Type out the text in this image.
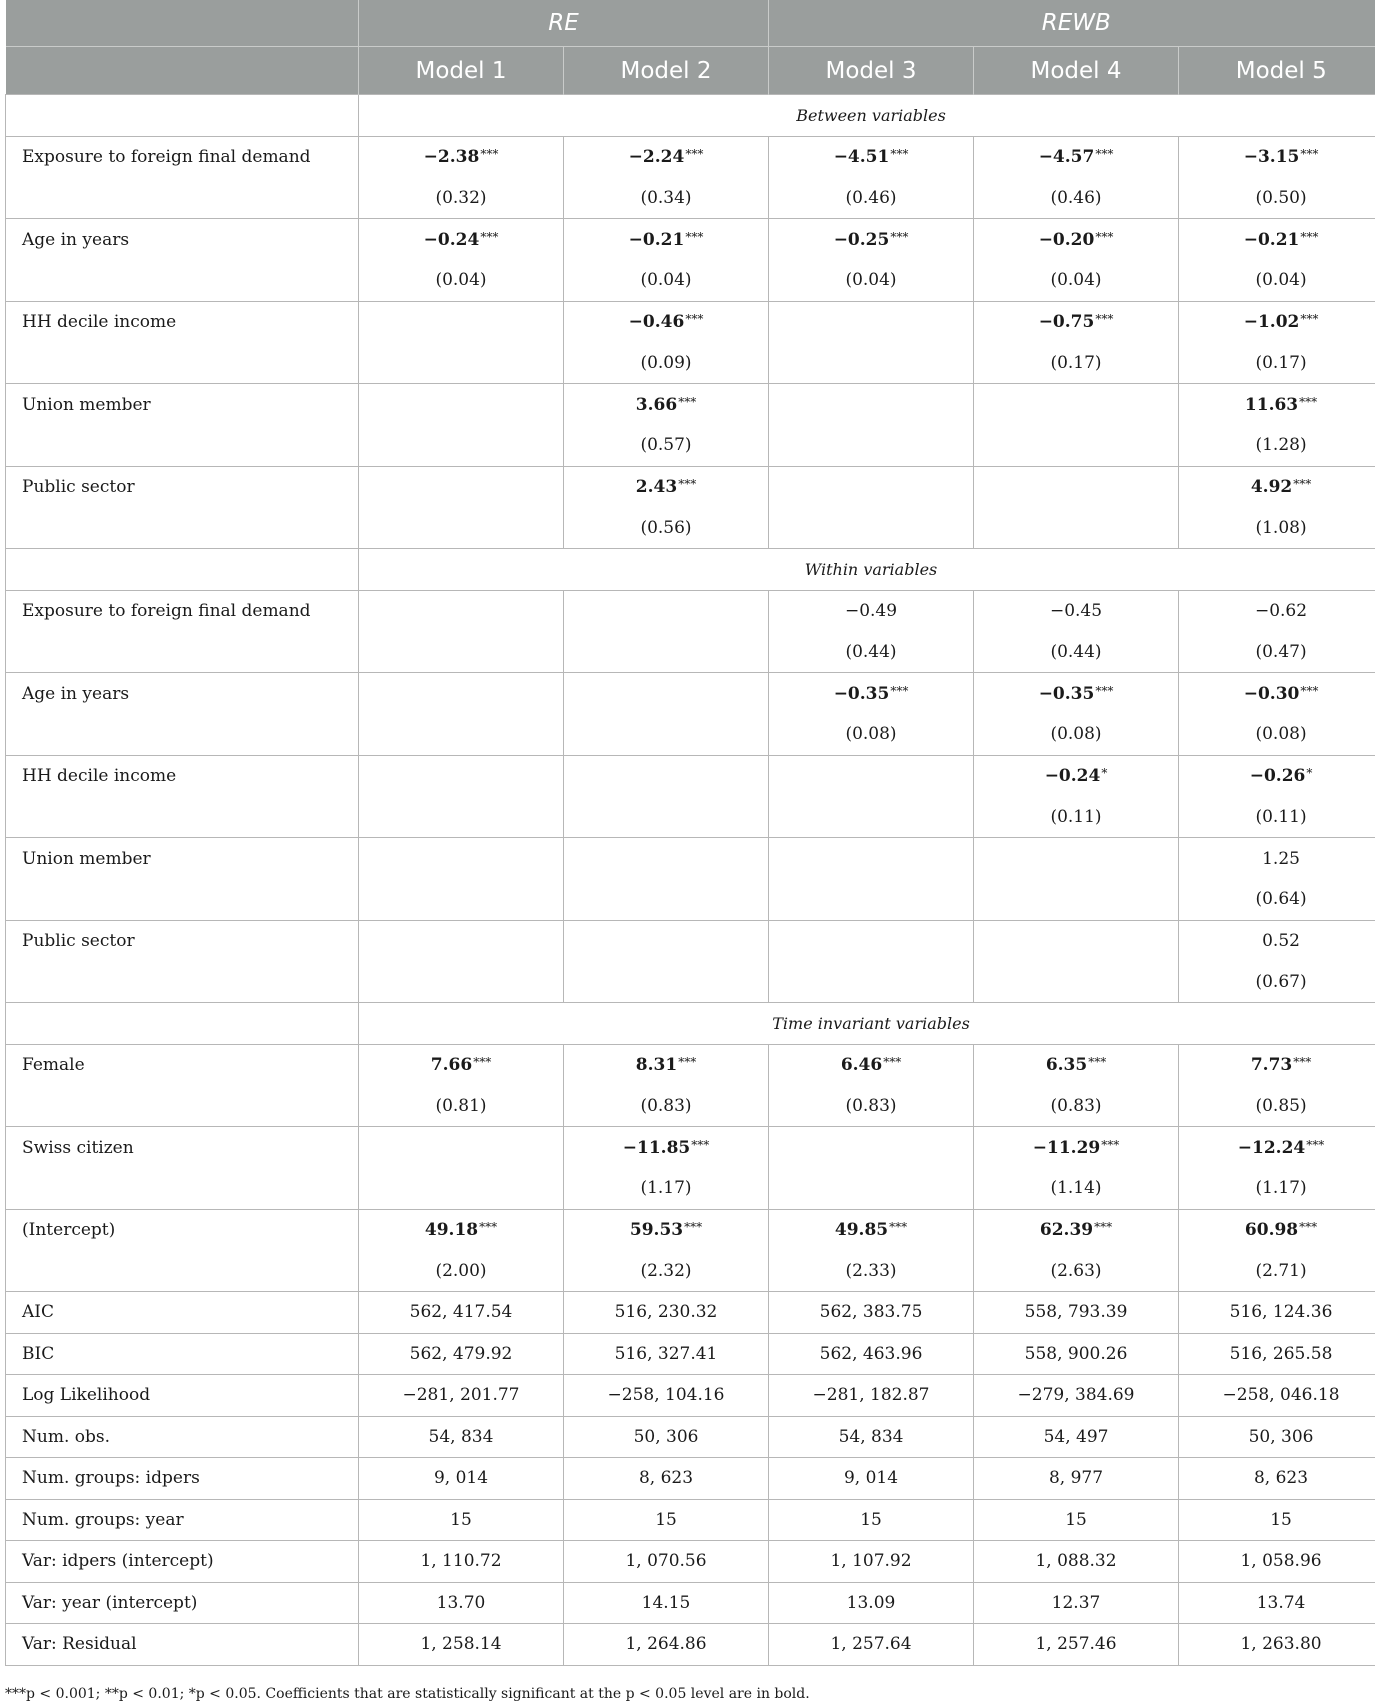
	RE		REWB		
	Model 1	Model 2	Model 3	Model 4	Model 5
	Between variables				
Exposure to foreign final demand	−2.38***	−2.24***	−4.51***	−4.57***	−3.15***
	(0.32)	(0.34)	(0.46)	(0.46)	(0.50)
Age in years	−0.24***	−0.21***	−0.25***	−0.20***	−0.21***
	(0.04)	(0.04)	(0.04)	(0.04)	(0.04)
HH decile income		−0.46***		−0.75***	−1.02***
		(0.09)		(0.17)	(0.17)
Union member		3.66***			11.63***
		(0.57)			(1.28)
Public sector		2.43***			4.92***
		(0.56)			(1.08)
	Within variables				
Exposure to foreign final demand			−0.49	−0.45	−0.62
			(0.44)	(0.44)	(0.47)
Age in years			−0.35***	−0.35***	−0.30***
			(0.08)	(0.08)	(0.08)
HH decile income				−0.24*	−0.26*
				(0.11)	(0.11)
Union member					1.25
					(0.64)
Public sector					0.52
					(0.67)
	Time invariant variables				
Female	7.66***	8.31***	6.46***	6.35***	7.73***
	(0.81)	(0.83)	(0.83)	(0.83)	(0.85)
Swiss citizen		−11.85***		−11.29***	−12.24***
		(1.17)		(1.14)	(1.17)
(Intercept)	49.18***	59.53***	49.85***	62.39***	60.98***
	(2.00)	(2.32)	(2.33)	(2.63)	(2.71)
AIC	562, 417.54	516, 230.32	562, 383.75	558, 793.39	516, 124.36
BIC	562, 479.92	516, 327.41	562, 463.96	558, 900.26	516, 265.58
Log Likelihood	−281, 201.77	−258, 104.16	−281, 182.87	−279, 384.69	−258, 046.18
Num. obs.	54, 834	50, 306	54, 834	54, 497	50, 306
Num. groups: idpers	9, 014	8, 623	9, 014	8, 977	8, 623
Num. groups: year	15	15	15	15	15
Var: idpers (intercept)	1, 110.72	1, 070.56	1, 107.92	1, 088.32	1, 058.96
Var: year (intercept)	13.70	14.15	13.09	12.37	13.74
Var: Residual	1, 258.14	1, 264.86	1, 257.64	1, 257.46	1, 263.80
***p < 0.001; **p < 0.01; *p < 0.05. Coefficients that are statistically significant at the p < 0.05 level are in bold.
